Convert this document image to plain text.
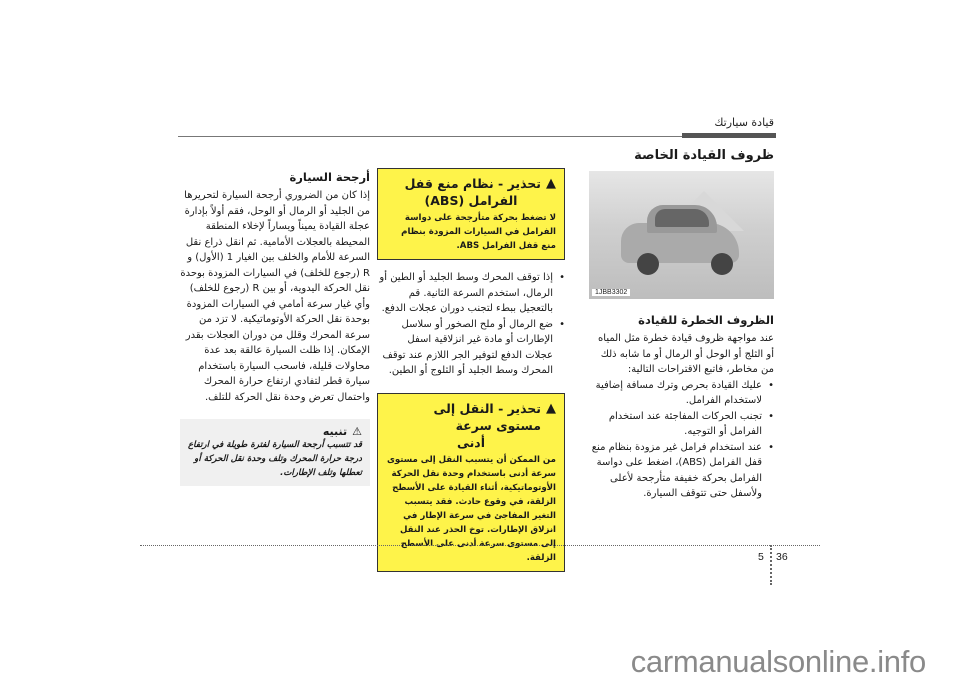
قيادة سيارتك
ظروف القيادة الخاصة
1JBB3302
الظروف الخطرة للقيادة

عند مواجهة ظروف قيادة خطرة مثل المياه أو الثلج أو الوحل أو الرمال أو ما شابه ذلك من مخاطر، فاتبع الاقتراحات التالية:

• عليك القيادة بحرص وترك مسافة إضافية لاستخدام الفرامل.
• تجنب الحركات المفاجئة عند استخدام الفرامل أو التوجيه.
• عند استخدام فرامل غير مزودة بنظام منع قفل الفرامل (ABS)، اضغط على دواسة الفرامل بحركة خفيفة متأرجحة لأعلى ولأسفل حتى تتوقف السيارة.
▲
تحذير - نظام منع قفل
الفرامل (ABS)
لا تضغط بحركة متأرجحة على دواسة الفرامل في السيارات المزودة بنظام منع قفل الفرامل ABS.
• إذا توقف المحرك وسط الجليد أو الطين أو الرمال، استخدم السرعة الثانية. قم بالتعجيل ببطء لتجنب دوران عجلات الدفع.
• ضع الرمال أو ملح الصخور أو سلاسل الإطارات أو مادة غير انزلاقية اسفل عجلات الدفع لتوفير الجر اللازم عند توقف المحرك وسط الجليد أو الثلوج أو الطين.
▲
تحذير - النقل إلى مستوى سرعة
أدنى
من الممكن أن يتسبب النقل إلى مستوى سرعة أدنى باستخدام وحدة نقل الحركة الأوتوماتيكية، أثناء القيادة على الأسطح الزلقة، في وقوع حادث. فقد يتسبب التغير المفاجئ في سرعة الإطار في انزلاق الإطارات. توخ الحذر عند النقل إلى مستوى سرعة أدنى على الأسطح الزلقة.
أرجحة السيارة

إذا كان من الضروري أرجحة السيارة لتحريرها من الجليد أو الرمال أو الوحل، فقم أولاً بإدارة عجلة القيادة يميناً ويساراً لإخلاء المنطقة المحيطة بالعجلات الأمامية. ثم انقل ذراع نقل السرعة للأمام والخلف بين الغيار 1 (الأول) و R (رجوع للخلف) في السيارات المزودة بوحدة نقل الحركة اليدوية، أو بين R (رجوع للخلف) وأي غيار سرعة أمامي في السيارات المزودة بوحدة نقل الحركة الأوتوماتيكية. لا تزد من سرعة المحرك وقلل من دوران العجلات بقدر الإمكان. إذا ظلت السيارة عالقة بعد عدة محاولات قليلة، فاسحب السيارة باستخدام سيارة قطر لتفادي ارتفاع حرارة المحرك واحتمال تعرض وحدة نقل الحركة للتلف.

⚠
تنبيه
قد تتسبب أرجحة السيارة لفترة طويلة في ارتفاع درجة حرارة المحرك وتلف وحدة نقل الحركة أو تعطلها وتلف الإطارات.
5 36
carmanualsonline.info
